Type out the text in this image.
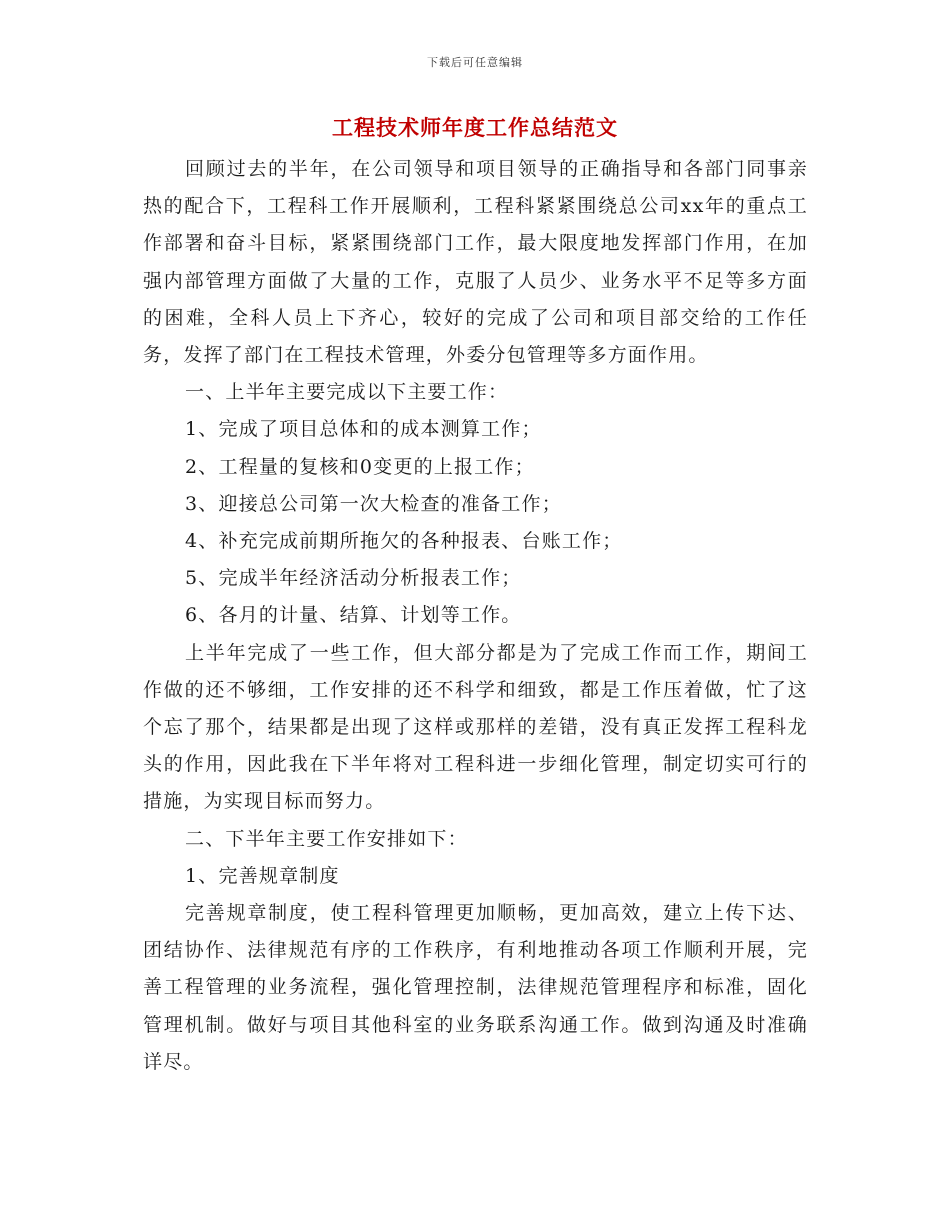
下载后可任意编辑
工程技术师年度工作总结范文

回顾过去的半年，在公司领导和项目领导的正确指导和各部门同事亲热的配合下，工程科工作开展顺利，工程科紧紧围绕总公司xx年的重点工作部署和奋斗目标，紧紧围绕部门工作，最大限度地发挥部门作用，在加强内部管理方面做了大量的工作，克服了人员少、业务水平不足等多方面的困难，全科人员上下齐心，较好的完成了公司和项目部交给的工作任务，发挥了部门在工程技术管理，外委分包管理等多方面作用。

一、上半年主要完成以下主要工作：

1、完成了项目总体和的成本测算工作；

2、工程量的复核和0变更的上报工作；

3、迎接总公司第一次大检查的准备工作；

4、补充完成前期所拖欠的各种报表、台账工作；

5、完成半年经济活动分析报表工作；

6、各月的计量、结算、计划等工作。

上半年完成了一些工作，但大部分都是为了完成工作而工作，期间工作做的还不够细，工作安排的还不科学和细致，都是工作压着做，忙了这个忘了那个，结果都是出现了这样或那样的差错，没有真正发挥工程科龙头的作用，因此我在下半年将对工程科进一步细化管理，制定切实可行的措施，为实现目标而努力。

二、下半年主要工作安排如下：

1、完善规章制度

完善规章制度，使工程科管理更加顺畅，更加高效，建立上传下达、团结协作、法律规范有序的工作秩序，有利地推动各项工作顺利开展，完善工程管理的业务流程，强化管理控制，法律规范管理程序和标准，固化管理机制。做好与项目其他科室的业务联系沟通工作。做到沟通及时准确详尽。
